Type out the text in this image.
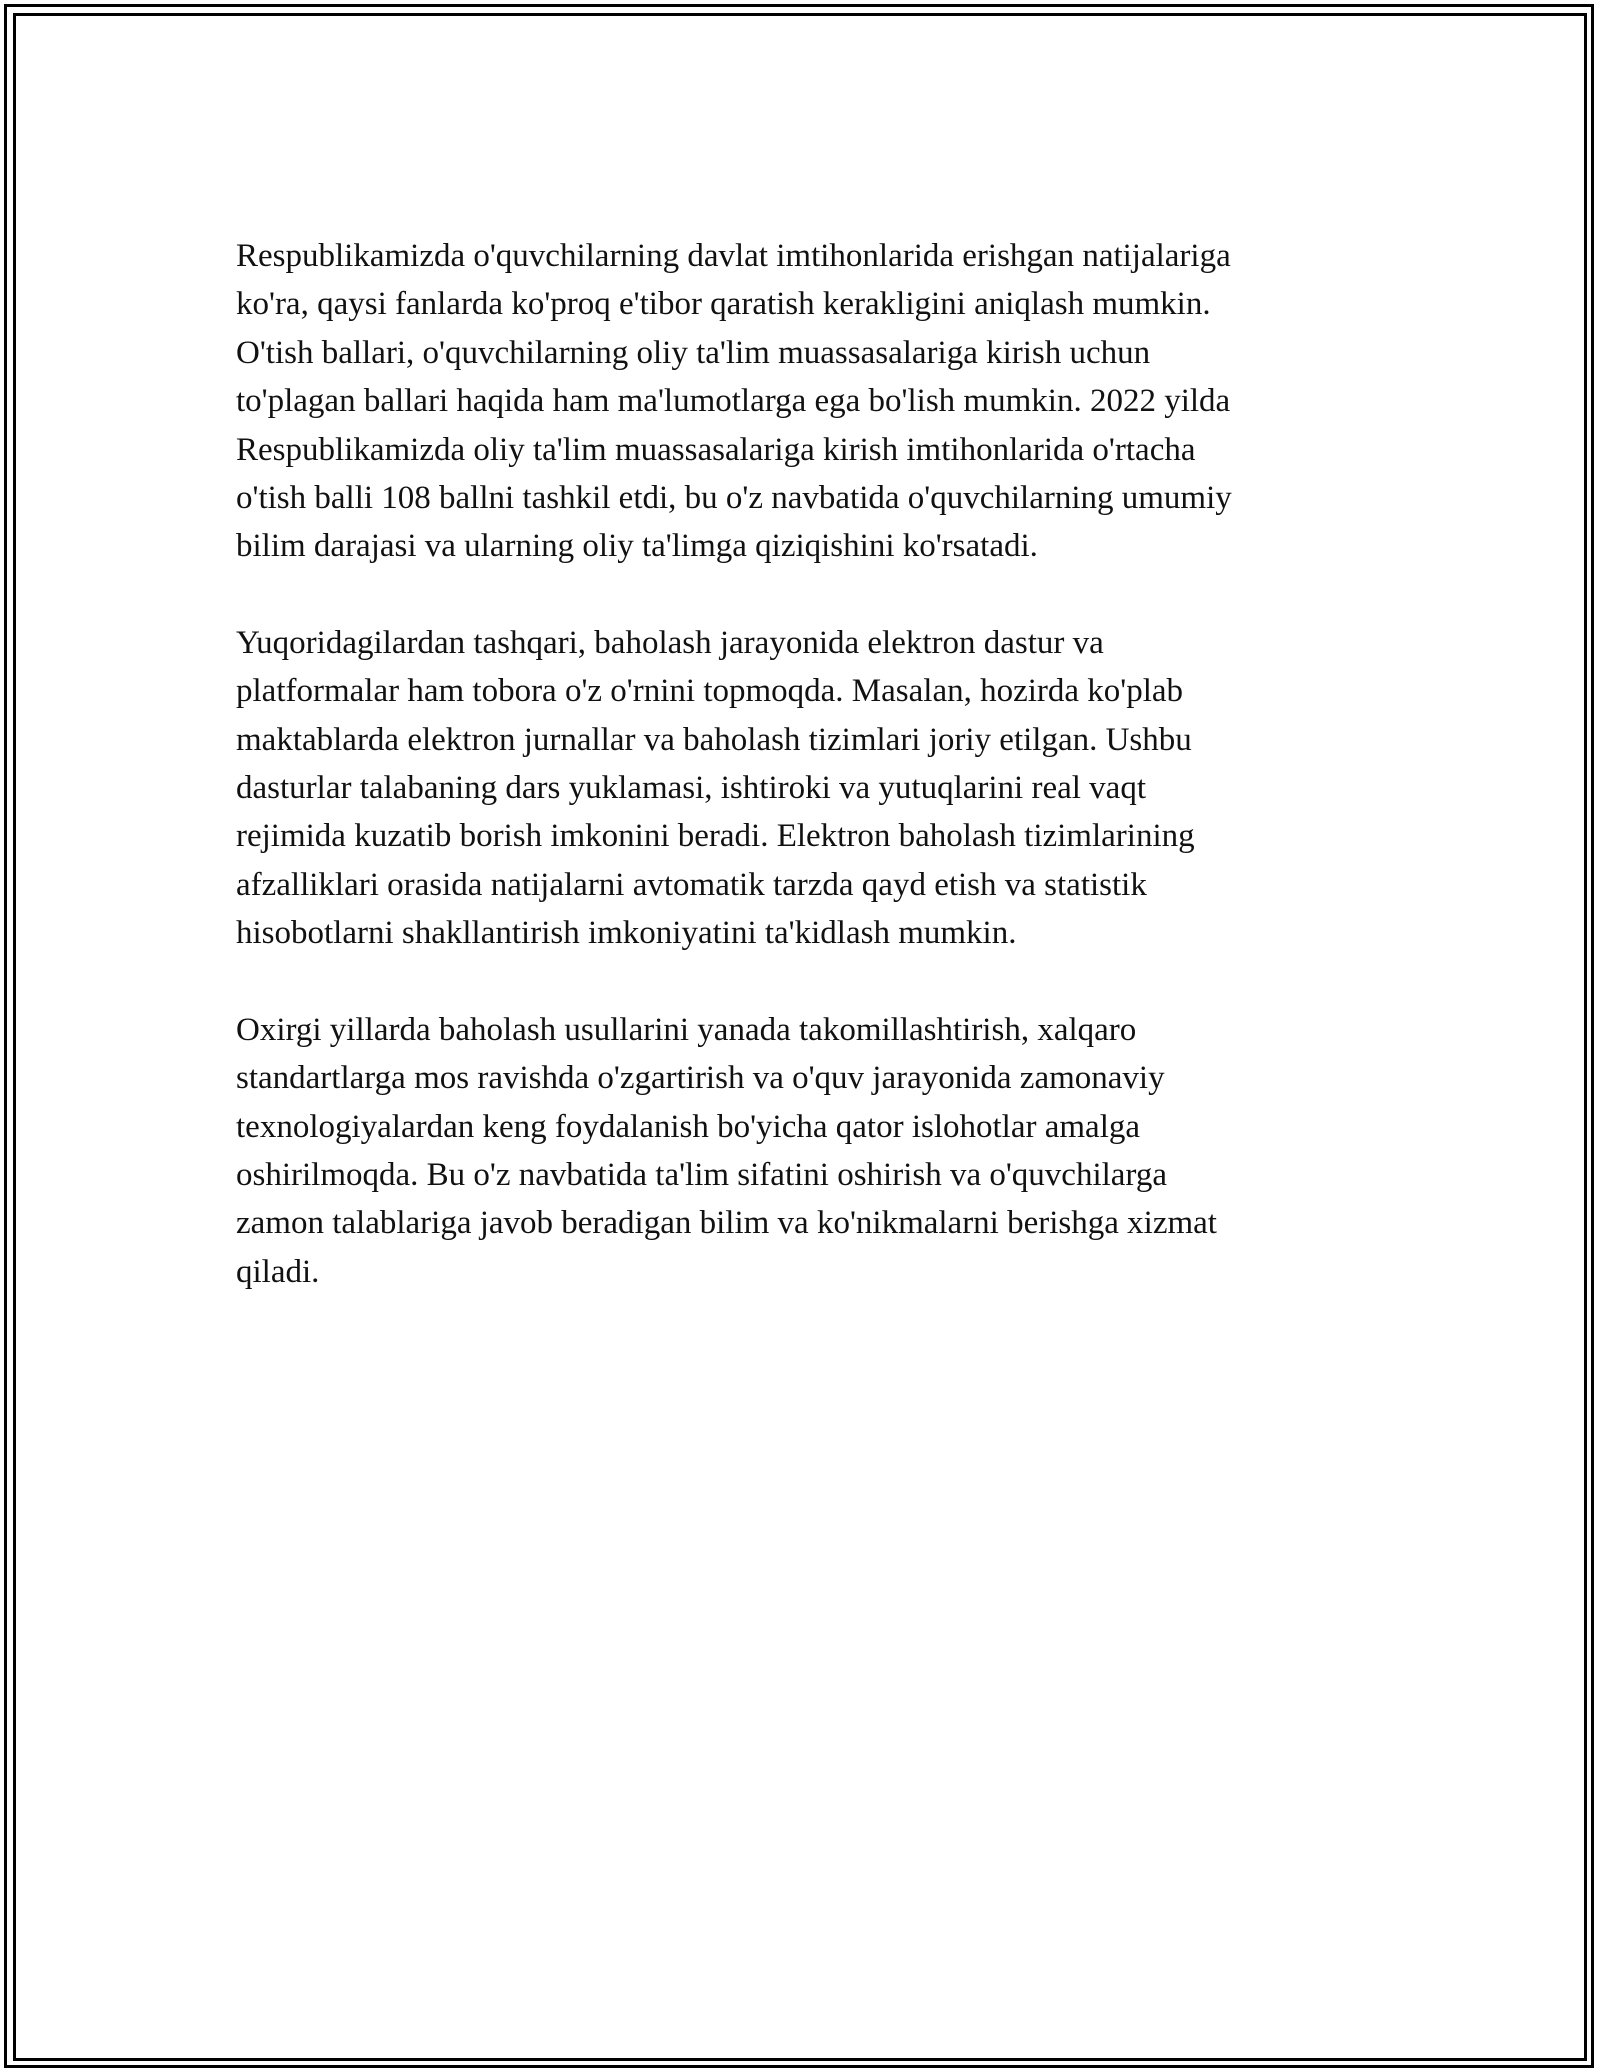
Respublikamizda o'quvchilarning davlat imtihonlarida erishgan natijalariga
ko'ra, qaysi fanlarda ko'proq e'tibor qaratish kerakligini aniqlash mumkin.
O'tish ballari, o'quvchilarning oliy ta'lim muassasalariga kirish uchun
to'plagan ballari haqida ham ma'lumotlarga ega bo'lish mumkin. 2022 yilda
Respublikamizda oliy ta'lim muassasalariga kirish imtihonlarida o'rtacha
o'tish balli 108 ballni tashkil etdi, bu o'z navbatida o'quvchilarning umumiy
bilim darajasi va ularning oliy ta'limga qiziqishini ko'rsatadi.

Yuqoridagilardan tashqari, baholash jarayonida elektron dastur va
platformalar ham tobora o'z o'rnini topmoqda. Masalan, hozirda ko'plab
maktablarda elektron jurnallar va baholash tizimlari joriy etilgan. Ushbu
dasturlar talabaning dars yuklamasi, ishtiroki va yutuqlarini real vaqt
rejimida kuzatib borish imkonini beradi. Elektron baholash tizimlarining
afzalliklari orasida natijalarni avtomatik tarzda qayd etish va statistik
hisobotlarni shakllantirish imkoniyatini ta'kidlash mumkin.

Oxirgi yillarda baholash usullarini yanada takomillashtirish, xalqaro
standartlarga mos ravishda o'zgartirish va o'quv jarayonida zamonaviy
texnologiyalardan keng foydalanish bo'yicha qator islohotlar amalga
oshirilmoqda. Bu o'z navbatida ta'lim sifatini oshirish va o'quvchilarga
zamon talablariga javob beradigan bilim va ko'nikmalarni berishga xizmat
qiladi.
